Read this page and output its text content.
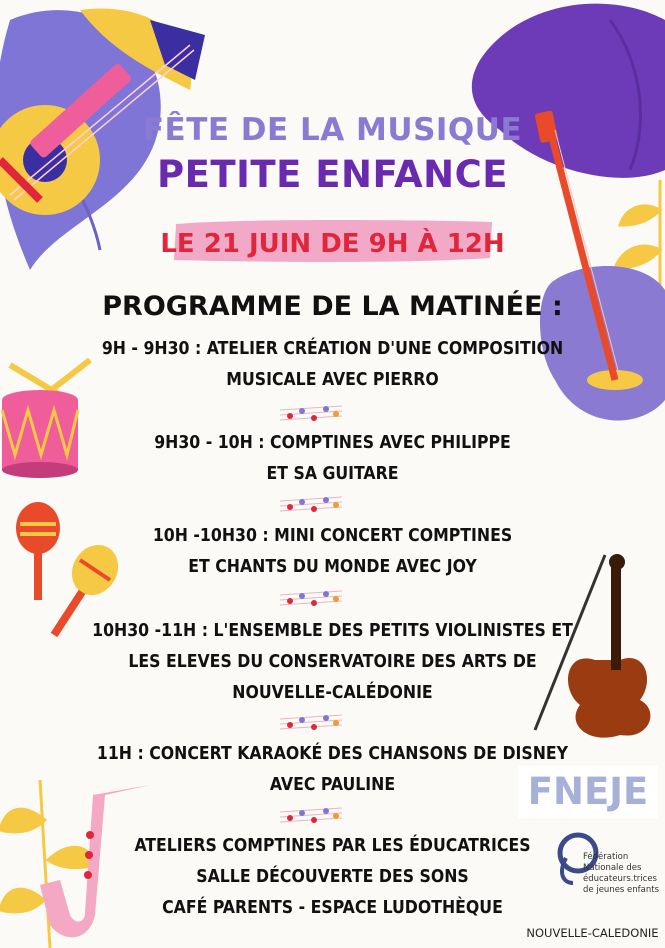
FÊTE DE LA MUSIQUE
PETITE ENFANCE
LE 21 JUIN DE 9H À 12H
PROGRAMME DE LA MATINÉE :
9H - 9H30 : ATELIER CRÉATION D'UNE COMPOSITION
MUSICALE AVEC PIERRO
9H30 - 10H : COMPTINES AVEC PHILIPPE
ET SA GUITARE
10H -10H30 : MINI CONCERT COMPTINES
ET CHANTS DU MONDE AVEC JOY
10H30 -11H : L'ENSEMBLE DES PETITS VIOLINISTES ET
LES ELEVES DU CONSERVATOIRE DES ARTS DE
NOUVELLE-CALÉDONIE
11H : CONCERT KARAOKÉ DES CHANSONS DE DISNEY
AVEC PAULINE
ATELIERS COMPTINES PAR LES ÉDUCATRICES
SALLE DÉCOUVERTE DES SONS
CAFÉ PARENTS - ESPACE LUDOTHÈQUE
FNEJE
Fédération Nationale des éducateurs.trices de jeunes enfants
NOUVELLE-CALEDONIE
